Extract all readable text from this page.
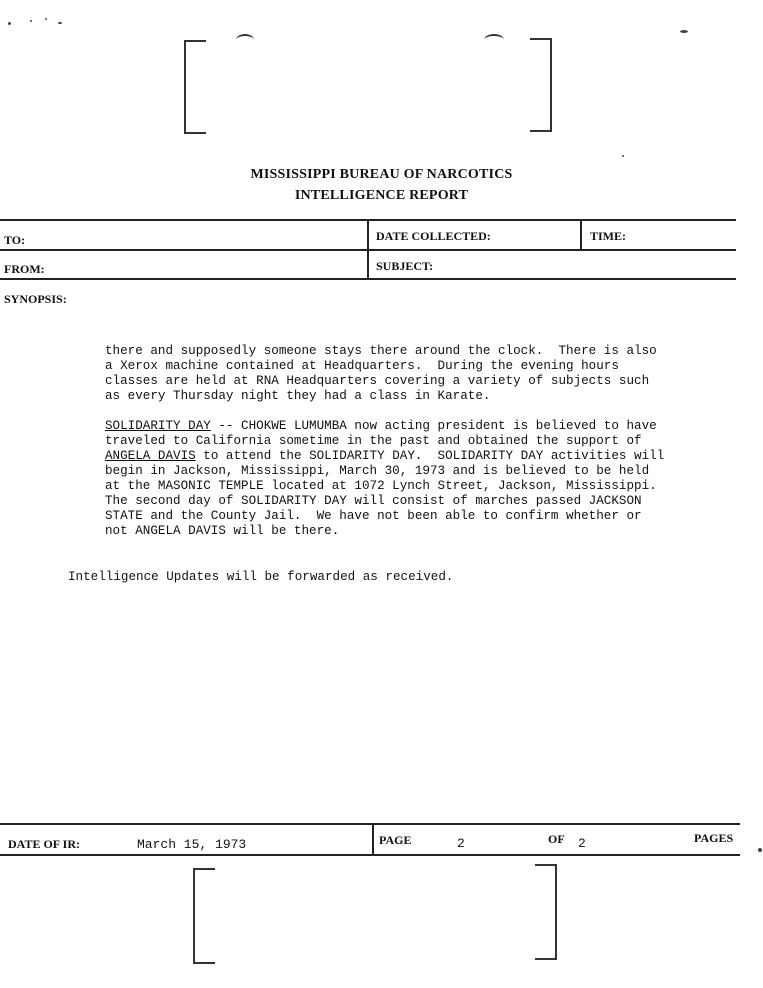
MISSISSIPPI BUREAU OF NARCOTICS
INTELLIGENCE REPORT
TO:	DATE COLLECTED:	TIME:
FROM:	SUBJECT:
SYNOPSIS:
there and supposedly someone stays there around the clock.  There is also
a Xerox machine contained at Headquarters.  During the evening hours
classes are held at RNA Headquarters covering a variety of subjects such
as every Thursday night they had a class in Karate.
SOLIDARITY DAY -- CHOKWE LUMUMBA now acting president is believed to have
traveled to California sometime in the past and obtained the support of
ANGELA DAVIS to attend the SOLIDARITY DAY.  SOLIDARITY DAY activities will
begin in Jackson, Mississippi, March 30, 1973 and is believed to be held
at the MASONIC TEMPLE located at 1072 Lynch Street, Jackson, Mississippi.
The second day of SOLIDARITY DAY will consist of marches passed JACKSON
STATE and the County Jail.  We have not been able to confirm whether or
not ANGELA DAVIS will be there.
Intelligence Updates will be forwarded as received.
DATE OF IR:	March 15, 1973	PAGE	2	OF 2	PAGES
